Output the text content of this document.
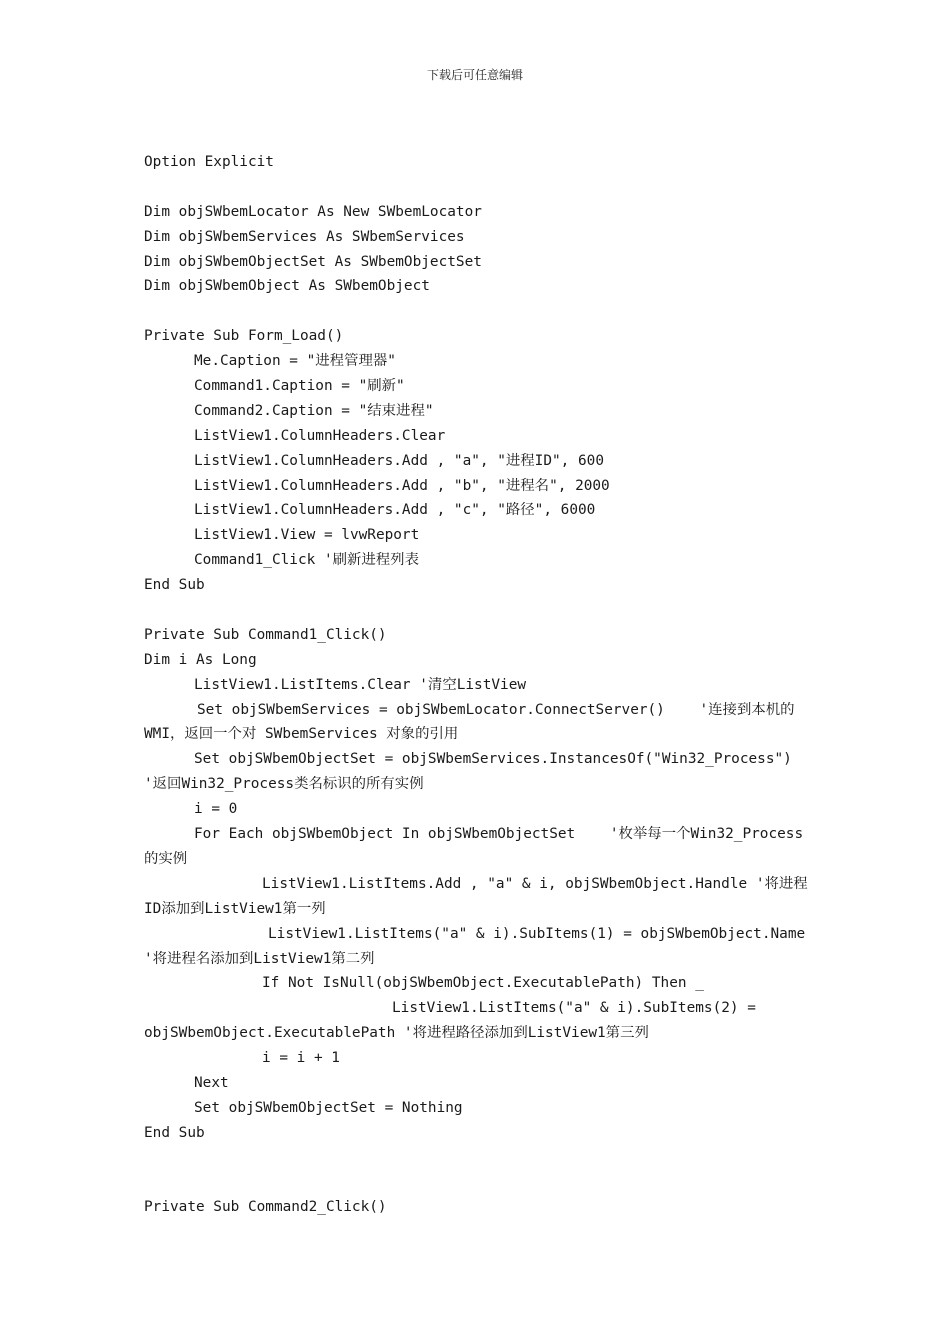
下载后可任意编辑
Option Explicit
Dim objSWbemLocator As New SWbemLocator
Dim objSWbemServices As SWbemServices
Dim objSWbemObjectSet As SWbemObjectSet
Dim objSWbemObject As SWbemObject
Private Sub Form_Load()
Me.Caption = "进程管理器"
Command1.Caption = "刷新"
Command2.Caption = "结束进程"
ListView1.ColumnHeaders.Clear
ListView1.ColumnHeaders.Add , "a", "进程ID", 600
ListView1.ColumnHeaders.Add , "b", "进程名", 2000
ListView1.ColumnHeaders.Add , "c", "路径", 6000
ListView1.View = lvwReport
Command1_Click '刷新进程列表
End Sub
Private Sub Command1_Click()
Dim i As Long
ListView1.ListItems.Clear '清空ListView
Set objSWbemServices = objSWbemLocator.ConnectServer()    '连接到本机的
WMI，返回一个对 SWbemServices 对象的引用
Set objSWbemObjectSet = objSWbemServices.InstancesOf("Win32_Process")
'返回Win32_Process类名标识的所有实例
i = 0
For Each objSWbemObject In objSWbemObjectSet    '枚举每一个Win32_Process
的实例
ListView1.ListItems.Add , "a" & i, objSWbemObject.Handle '将进程
ID添加到ListView1第一列
ListView1.ListItems("a" & i).SubItems(1) = objSWbemObject.Name
'将进程名添加到ListView1第二列
If Not IsNull(objSWbemObject.ExecutablePath) Then _
ListView1.ListItems("a" & i).SubItems(2) =
objSWbemObject.ExecutablePath '将进程路径添加到ListView1第三列
i = i + 1
Next
Set objSWbemObjectSet = Nothing
End Sub
Private Sub Command2_Click()
